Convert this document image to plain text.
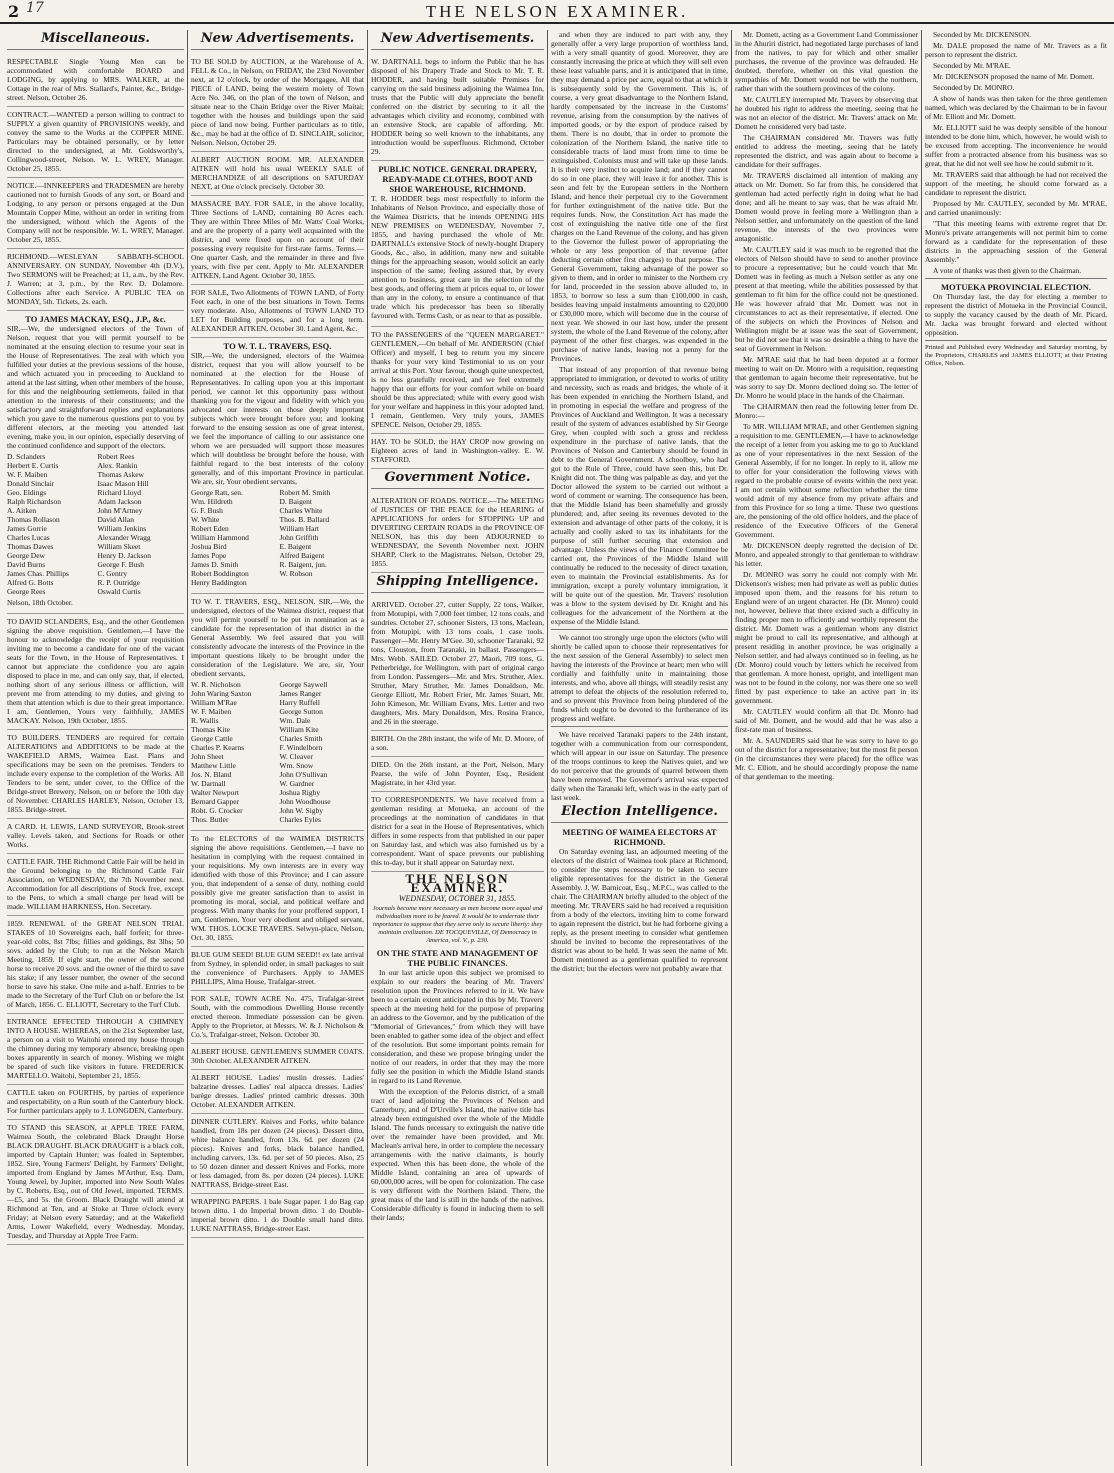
2 17	THE NELSON EXAMINER.
Miscellaneous.
RESPECTABLE Single Young Men can be accommodated with comfortable BOARD and LODGING, by applying to MRS. WALKER, at the Cottage in the rear of Mrs. Stallard's, Painter, &c., Bridge-street. Nelson, October 26.
CONTRACT.—WANTED a person willing to contract to SUPPLY a given quantity of PROVISIONS weekly, and convey the same to the Works at the COPPER MINE. Particulars may be obtained personally, or by letter directed to the undersigned, at Mr. Goldsworthy's, Collingwood-street, Nelson. W. L. WREY, Manager. October 25, 1855.
NOTICE.—INNKEEPERS and TRADESMEN are hereby cautioned not to furnish Goods of any sort, or Board and Lodging, to any person or persons engaged at the Dun Mountain Copper Mine, without an order in writing from the undersigned, without which the Agents of the Company will not be responsible. W. L. WREY, Manager. October 25, 1855.
RICHMOND.—WESLEYAN SABBATH-SCHOOL ANNIVERSARY. ON SUNDAY, November 4th (D.V.), Two SERMONS will be Preached; at 11, a.m., by the Rev. J. Warren; at 3, p.m., by the Rev. D. Dolamore. Collections after each Service. A PUBLIC TEA on MONDAY, 5th. Tickets, 2s. each.
TO JAMES MACKAY, ESQ., J.P., &c.

SIR,—We, the undersigned electors of the Town of Nelson, request that you will permit yourself to be nominated at the ensuing election to resume your seat in the House of Representatives. The zeal with which you fulfilled your duties at the previous sessions of the house, and which actuated you in proceeding to Auckland to attend at the last sitting, when other members of the house, for this and the neighbouring settlements, failed in that attention to the interests of their constituents; and the satisfactory and straightforward replies and explanations which you gave to the numerous questions put to you by different electors, at the meeting you attended last evening, make you, in our opinion, especially deserving of the continued confidence and support of the electors.

D. Sclanders	Robert Rees
Herbert E. Curtis	Alex. Rankin
W. F. Maiben	Thomas Askew
Donald Sinclair	Isaac Mason Hill
Geo. Eldings	Richard Lloyd
Ralph Richardson	Adam Jackson
A. Aitken	John M'Artney
Thomas Rollason	David Allan
James Gorrie	William Jenkins
Charles Lucas	Alexander Wragg
Thomas Dawes	William Skeet
George Dew	Henry D. Jackson
David Burns	George F. Bush
James Chas. Phillips	C. Gentry
Alfred G. Botts	R. P. Outridge
George Rees	Oswald Curtis

Nelson, 18th October.

TO DAVID SCLANDERS, Esq., and the other Gentlemen signing the above requisition. Gentlemen,—I have the honour to acknowledge the receipt of your requisition inviting me to become a candidate for one of the vacant seats for the Town, in the House of Representatives. I cannot but appreciate the confidence you are again disposed to place in me, and can only say, that, if elected, nothing short of any serious illness or affliction, will prevent me from attending to my duties, and giving to them that attention which is due to their great importance. I am, Gentlemen, Yours very faithfully, JAMES MACKAY. Nelson, 19th October, 1855.
TO BUILDERS. TENDERS are required for certain ALTERATIONS and ADDITIONS to be made at the WAKEFIELD ARMS, Waimea East. Plans and specifications may be seen on the premises. Tenders to include every expense to the completion of the Works. All Tenders to be sent, under cover, to the Office of the Bridge-street Brewery, Nelson, on or before the 10th day of November. CHARLES HARLEY, Nelson, October 13, 1855. Bridge-street.
A CARD. H. LEWIS, LAND SURVEYOR, Brook-street valley. Levels taken, and Sections for Roads or other Works.
CATTLE FAIR. THE Richmond Cattle Fair will be held in the Ground belonging to the Richmond Cattle Fair Association, on WEDNESDAY, the 7th November next. Accommodation for all descriptions of Stock free, except to the Pens, to which a small charge per head will be made. WILLIAM HARKNESS, Hon. Secretary.
1859. RENEWAL of the GREAT NELSON TRIAL STAKES of 10 Sovereigns each, half forfeit; for three-year-old colts, 8st 7lbs; fillies and geldings, 8st 3lbs; 50 sovs. added by the Club; to run at the Nelson March Meeting, 1859. If eight start, the owner of the second horse to receive 20 sovs. and the owner of the third to save his stake; if any lesser number, the owner of the second horse to save his stake. One mile and a-half. Entries to be made to the Secretary of the Turf Club on or before the 1st of March, 1856. C. ELLIOTT, Secretary to the Turf Club.
ENTRANCE EFFECTED THROUGH A CHIMNEY INTO A HOUSE. WHEREAS, on the 21st September last, a person on a visit to Waitohi entered my house through the chimney during my temporary absence, breaking open boxes apparently in search of money. Wishing we might be spared of such like visitors in future. FREDERICK MARTELLO. Waitohi, September 21, 1855.
CATTLE taken on FOURTHS, by parties of experience and respectability, on a Run south of the Canterbury block. For further particulars apply to J. LONGDEN, Canterbury.
TO STAND this SEASON, at APPLE TREE FARM, Waimea South, the celebrated Black Draught Horse BLACK DRAUGHT. BLACK DRAUGHT is a black colt, imported by Captain Hunter; was foaled in September, 1852. Sire, Young Farmers' Delight, by Farmers' Delight, imported from England by James M'Arthur, Esq. Dam, Young Jewel, by Jupiter, imported into New South Wales by C. Roberts, Esq., out of Old Jewel, imported. TERMS.—£5, and 5s. the Groom. Black Draught will attend at Richmond at Ten, and at Stoke at Three o'clock every Friday; at Nelson every Saturday; and at the Wakefield Arms, Lower Wakefield, every Wednesday. Monday, Tuesday, and Thursday at Apple Tree Farm.
New Advertisements.
TO BE SOLD by AUCTION, at the Warehouse of A. FELL & Co., in Nelson, on FRIDAY, the 23rd November next, at 12 o'clock, by order of the Mortgagee, All that PIECE of LAND, being the western moiety of Town Acre No. 346, on the plan of the town of Nelson, and situate near to the Chain Bridge over the River Maitai; together with the houses and buildings upon the said piece of land now being. Further particulars as to title, &c., may be had at the office of D. SINCLAIR, solicitor, Nelson. Nelson, October 29.
ALBERT AUCTION ROOM. MR. ALEXANDER AITKEN will hold his usual WEEKLY SALE of MERCHANDIZE of all descriptions on SATURDAY NEXT, at One o'clock precisely. October 30.
MASSACRE BAY. FOR SALE, in the above locality, Three Sections of LAND, containing 80 Acres each. They are within Three Miles of Mr. Watts' Coal Works, and are the property of a party well acquainted with the district, and were fixed upon on account of their possessing every requisite for first-rate farms. Terms.—One quarter Cash, and the remainder in three and five years, with five per cent. Apply to Mr. ALEXANDER AITKEN, Land Agent. October 30, 1855.
FOR SALE, Two Allotments of TOWN LAND, of Forty Feet each, in one of the best situations in Town. Terms very moderate. Also, Allotments of TOWN LAND TO LET for Building purposes, and for a long term. ALEXANDER AITKEN, October 30. Land Agent, &c.
TO W. T. L. TRAVERS, ESQ.

SIR,—We, the undersigned, electors of the Waimea district, request that you will allow yourself to be nominated at the election for the House of Representatives. In calling upon you at this important period, we cannot let this opportunity pass without thanking you for the vigour and fidelity with which you advocated our interests on those deeply important subjects which were brought before you; and looking forward to the ensuing session as one of great interest, we feel the importance of calling to our assistance one whom we are persuaded will support those measures which will doubtless be brought before the house, with faithful regard to the best interests of the colony generally, and of this important Province in particular. We are, sir, Your obedient servants,

George Ratt, sen.	Robert M. Smith
Wm. Hildreth	D. Baigent
G. F. Bush	Charles White
W. White	Thos. B. Ballard
Robert Eden	William Hart
William Hammond	John Griffith
Joshua Bird	E. Baigent
James Pope	Alfred Baigent
James D. Smith	R. Baigent, jun.
Robert Boddington	W. Robson
Henry Baddington

TO W. T. TRAVERS, ESQ., NELSON. SIR,—We, the undersigned, electors of the Waimea district, request that you will permit yourself to be put in nomination as a candidate for the representation of that district in the General Assembly. We feel assured that you will consistently advocate the interests of the Province in the important questions likely to be brought under the consideration of the Legislature. We are, sir, Your obedient servants,

W. R. Nicholson	George Saywell
John Waring Saxton	James Ranger
William M'Rae	Harry Ruffell
W. F. Maiben	George Sutton
R. Wallis	Wm. Dale
Thomas Kite	William Kite
George Cattle	Charles Smith
Charles P. Kearns	F. Windelborn
John Sheet	W. Cleaver
Matthew Little	Wm. Snow
Jos. N. Bland	John O'Sullivan
W. Dartnall	W. Gardner
Walter Newport	Joshua Rigby
Bernard Gapper	John Woodhouse
Robt. G. Crocker	John W. Sigby
Thos. Butler	Charles Eyles
To the ELECTORS of the WAIMEA DISTRICTS signing the above requisitions. Gentlemen,—I have no hesitation in complying with the request contained in your requisitions. My own interests are in every way identified with those of this Province; and I can assure you, that independent of a sense of duty, nothing could possibly give me greater satisfaction than to assist in promoting its moral, social, and political welfare and progress. With many thanks for your proffered support, I am, Gentlemen, Your very obedient and obliged servant, WM. THOS. LOCKE TRAVERS. Selwyn-place, Nelson, Oct. 30, 1855.
BLUE GUM SEED! BLUE GUM SEED!! ex late arrival from Sydney, in splendid order, in small packages to suit the convenience of Purchasers. Apply to JAMES PHILLIPS, Alma House, Trafalgar-street.
FOR SALE, TOWN ACRE No. 475, Trafalgar-street South, with the commodious Dwelling House recently erected thereon. Immediate possession can be given. Apply to the Proprietor, at Messrs. W. & J. Nicholson & Co.'s, Trafalgar-street, Nelson. October 30.
ALBERT HOUSE. GENTLEMEN'S SUMMER COATS. 30th October. ALEXANDER AITKEN.
ALBERT HOUSE. Ladies' muslin dresses. Ladies' balzarine dresses. Ladies' real alpacca dresses. Ladies' barège dresses. Ladies' printed cambric dresses. 30th October. ALEXANDER AITKEN.
DINNER CUTLERY. Knives and Forks, white balance handled, from 18s per dozen (24 pieces). Dessert ditto, white balance handled, from 13s. 6d. per dozen (24 pieces). Knives and forks, black balance handled, including carvers, 13s. 6d. per set of 50 pieces. Also, 25 to 50 dozen dinner and dessert Knives and Forks, more or less damaged, from 8s. per dozen (24 pieces). LUKE NATTRASS, Bridge-street East.
WRAPPING PAPERS. 1 bale Sugar paper. 1 do Bag cap brown ditto. 1 do Imperial brown ditto. 1 do Double-imperial brown ditto. 1 do Double small hand ditto. LUKE NATTRASS, Bridge-street East.
New Advertisements.
W. DARTNALL begs to inform the Public that he has disposed of his Drapery Trade and Stock to Mr. T. R. HODDER, and having built suitable Premises for carrying on the said business adjoining the Waimea Inn, trusts that the Public will duly appreciate the benefit conferred on the district by securing to it all the advantages which civility and economy, combined with an extensive Stock, are capable of affording. Mr. HODDER being so well known to the inhabitants, any introduction would be superfluous. Richmond, October 29.
PUBLIC NOTICE. GENERAL DRAPERY, READY-MADE CLOTHES, BOOT AND SHOE WAREHOUSE, RICHMOND.

T. R. HODDER begs most respectfully to inform the Inhabitants of Nelson Province, and especially those of the Waimea Districts, that he intends OPENING HIS NEW PREMISES on WEDNESDAY, November 7, 1855, and having purchased the whole of Mr. DARTNALL's extensive Stock of newly-bought Drapery Goods, &c., also, in addition, many new and suitable things for the approaching season, would solicit an early inspection of the same; feeling assured that, by every attention to business, great care in the selection of the best goods, and offering them at prices equal to, or lower than any in the colony, to ensure a continuance of that trade which his predecessor has been so liberally favoured with. Terms Cash, or as near to that as possible.

TO the PASSENGERS of the "QUEEN MARGARET." GENTLEMEN,—On behalf of Mr. ANDERSON (Chief Officer) and myself, I beg to return you my sincere thanks for your very kind Testimonial to us on your arrival at this Port. Your favour, though quite unexpected, is no less gratefully received, and we feel extremely happy that our efforts for your comfort while on board should be thus appreciated; while with every good wish for your welfare and happiness in this your adopted land, I remain, Gentlemen, Very truly yours, JAMES SPENCE. Nelson, October 29, 1855.
HAY. TO be SOLD, the HAY CROP now growing on Eighteen acres of land in Washington-valley. E. W. STAFFORD.
Government Notice.
ALTERATION OF ROADS. NOTICE.—The MEETING of JUSTICES OF THE PEACE for the HEARING of APPLICATIONS for orders for STOPPING UP and DIVERTING CERTAIN ROADS in the PROVINCE OF NELSON, has this day been ADJOURNED to WEDNESDAY, the Seventh November next. JOHN SHARP, Clerk to the Magistrates. Nelson, October 29, 1855.
Shipping Intelligence.
ARRIVED. October 27, cutter Supply, 22 tons, Walker, from Motupipi, with 7,000 feet timber, 12 tons coals, and sundries. October 27, schooner Sisters, 13 tons, Maclean, from Motupipi, with 13 tons coals, 1 case tools. Passenger—Mr. Henry M'Gee. 30, schooner Taranaki, 92 tons, Clouston, from Taranaki, in ballast. Passengers—Mrs. Webb. SAILED. October 27, Maori, 709 tons, G. Petherbridge, for Wellington, with part of original cargo from London. Passengers—Mr. and Mrs. Struther, Alex. Struther, Mary Struther, Mr. James Donaldson, Mr. George Elliott, Mr. Robert Frier, Mr. James Stuart, Mr. John Kimeson, Mr. William Evans, Mrs. Letter and two daughters, Mrs. Mary Donaldson, Mrs. Rosina France, and 26 in the steerage.
BIRTH. On the 28th instant, the wife of Mr. D. Moore, of a son.
DIED. On the 26th instant, at the Port, Nelson, Mary Pearse, the wife of John Poynter, Esq., Resident Magistrate, in her 43rd year.
TO CORRESPONDENTS. We have received from a gentleman residing at Motueka, an account of the proceedings at the nomination of candidates in that district for a seat in the House of Representatives, which differs in some respects from that published in our paper on Saturday last, and which was also furnished us by a correspondent. Want of space prevents our publishing this to-day, but it shall appear on Saturday next.
THE NELSON EXAMINER.
WEDNESDAY, OCTOBER 31, 1855.
Journals become more necessary as men become more equal and individualism more to be feared. It would be to underrate their importance to suppose that they serve only to secure liberty: they maintain civilization. DE TOCQUEVILLE, Of Democracy in America, vol. V., p. 230.
ON THE STATE AND MANAGEMENT OF THE PUBLIC FINANCES.

In our last article upon this subject we promised to explain to our readers the bearing of Mr. Travers' resolution upon the Provinces referred to in it. We have been to a certain extent anticipated in this by Mr. Travers' speech at the meeting held for the purpose of preparing an address to the Governor, and by the publication of the "Memorial of Grievances," from which they will have been enabled to gather some idea of the object and effect of the resolution. But some important points remain for consideration, and these we propose bringing under the notice of our readers, in order that they may the more fully see the position in which the Middle Island stands in regard to its Land Revenue.

With the exception of the Pelorus district, of a small tract of land adjoining the Provinces of Nelson and Canterbury, and of D'Urville's Island, the native title has already been extinguished over the whole of the Middle Island. The funds necessary to extinguish the native title over the remainder have been provided, and Mr. Maclean's arrival here, in order to complete the necessary arrangements with the native claimants, is hourly expected. When this has been done, the whole of the Middle Island, containing an area of upwards of 60,000,000 acres, will be open for colonization. The case is very different with the Northern Island. There, the great mass of the land is still in the hands of the natives. Considerable difficulty is found in inducing them to sell their lands;

and when they are induced to part with any, they generally offer a very large proportion of worthless land, with a very small quantity of good. Moreover, they are constantly increasing the price at which they will sell even these least valuable parts, and it is anticipated that in time, they may demand a price per acre, equal to that at which it is subsequently sold by the Government. This is, of course, a very great disadvantage to the Northern Island, hardly compensated by the increase in the Customs' revenue, arising from the consumption by the natives of imported goods, or by the export of produce raised by them. There is no doubt, that in order to promote the colonization of the Northern Island, the native title to considerable tracts of land must from time to time be extinguished. Colonists must and will take up these lands. It is their very instinct to acquire land; and if they cannot do so in one place, they will leave it for another. This is seen and felt by the European settlers in the Northern Island, and hence their perpetual cry to the Government for further extinguishment of the native title. But the requires funds. Now, the Constitution Act has made the cost of extinguishing the native title one of the first charges on the Land Revenue of the colony, and has given to the Governor the fullest power of appropriating the whole or any less proportion of that revenue (after deducting certain other first charges) to that purpose. The General Government, taking advantage of the power so given to them, and in order to minister to the Northern cry for land, proceeded in the session above alluded to, in 1853, to borrow so less a sum than £100,000 in cash, besides leaving unpaid instalments amounting to £20,000 or £30,000 more, which will become due in the course of next year. We showed in our last how, under the present system, the whole of the Land Revenue of the colony, after payment of the other first charges, was expended in the purchase of native lands, leaving not a penny for the Provinces.

That instead of any proportion of that revenue being appropriated to immigration, or devoted to works of utility and necessity, such as roads and bridges, the whole of it has been expended in enriching the Northern Island, and in promoting in especial the welfare and progress of the Provinces of Auckland and Wellington. It was a necessary result of the system of advances established by Sir George Grey, when coupled with such a gross and reckless expenditure in the purchase of native lands, that the Provinces of Nelson and Canterbury should be found in debt to the General Government. A schoolboy, who had got to the Rule of Three, could have seen this, but Dr. Knight did not. The thing was palpable as day, and yet the Doctor allowed the system to be carried out without a word of comment or warning. The consequence has been, that the Middle Island has been shamefully and grossly plundered; and, after seeing its revenues devoted to the extension and advantage of other parts of the colony, it is actually and coolly asked to tax its inhabitants for the purpose of still further securing that extension and advantage. Unless the views of the Finance Committee be carried out, the Provinces of the Middle Island will continually be reduced to the necessity of direct taxation, even to maintain the Provincial establishments. As for immigration, except a purely voluntary immigration, it will be quite out of the question. Mr. Travers' resolution was a blow to the system devised by Dr. Knight and his colleagues for the advancement of the Northern at the expense of the Middle Island.

We cannot too strongly urge upon the electors (who will shortly be called upon to choose their representatives for the next session of the General Assembly) to select men having the interests of the Province at heart; men who will cordially and faithfully unite in maintaining those interests, and who, above all things, will steadily resist any attempt to defeat the objects of the resolution referred to, and so prevent this Province from being plundered of the funds which ought to be devoted to the furtherance of its progress and welfare.

We have received Taranaki papers to the 24th instant, together with a communication from our correspondent, which will appear in our issue on Saturday. The presence of the troops continues to keep the Natives quiet, and we do not perceive that the grounds of quarrel between them have been removed. The Governor's arrival was expected daily when the Taranaki left, which was in the early part of last week.

Election Intelligence.
MEETING OF WAIMEA ELECTORS AT RICHMOND.

On Saturday evening last, an adjourned meeting of the electors of the district of Waimea took place at Richmond, to consider the steps necessary to be taken to secure eligible representatives for the district in the General Assembly. J. W. Barnicoat, Esq., M.P.C., was called to the chair. The CHAIRMAN briefly alluded to the object of the meeting. Mr. TRAVERS said he had received a requisition from a body of the electors, inviting him to come forward to again represent the district, but he had forborne giving a reply, as the present meeting to consider what gentlemen should be invited to become the representatives of the district was about to be held. It was seen the name of Mr. Domett mentioned as a gentleman qualified to represent the district; but the electors were not probably aware that

Mr. Domett, acting as a Government Land Commissioner in the Ahuriri district, had negotiated large purchases of land from the natives, to pay for which and other smaller purchases, the revenue of the province was defrauded. He doubted, therefore, whether on this vital question the sympathies of Mr. Domett would not be with the northern, rather than with the southern provinces of the colony.

Mr. CAUTLEY interrupted Mr. Travers by observing that he doubted his right to address the meeting, seeing that he was not an elector of the district. Mr. Travers' attack on Mr. Domett he considered very bad taste.

The CHAIRMAN considered Mr. Travers was fully entitled to address the meeting, seeing that he lately represented the district, and was again about to become a candidate for their suffrages.

Mr. TRAVERS disclaimed all intention of making any attack on Mr. Domett. So far from this, he considered that gentleman had acted perfectly right in doing what he had done; and all he meant to say was, that he was afraid Mr. Domett would prove in feeling more a Wellington than a Nelson settler, and unfortunately on the question of the land revenue, the interests of the two provinces were antagonistic.

Mr. CAUTLEY said it was much to be regretted that the electors of Nelson should have to send to another province to procure a representative; but he could vouch that Mr. Domett was in feeling as much a Nelson settler as any one present at that meeting, while the abilities possessed by that gentleman to fit him for the office could not be questioned. He was however afraid that Mr. Domett was not in circumstances to act as their representative, if elected. One of the subjects on which the Provinces of Nelson and Wellington might be at issue was the seat of Government, but he did not see that it was so desirable a thing to have the seat of Government in Nelson.

Mr. M'RAE said that he had been deputed at a former meeting to wait on Dr. Monro with a requisition, requesting that gentleman to again become their representative, but he was sorry to say Dr. Monro declined doing so. The letter of Dr. Monro he would place in the hands of the Chairman.

The CHAIRMAN then read the following letter from Dr. Monro:—

To MR. WILLIAM M'RAE, and other Gentlemen signing a requisition to me. GENTLEMEN,—I have to acknowledge the receipt of a letter from you asking me to go to Auckland as one of your representatives in the next Session of the General Assembly, if for no longer. In reply to it, allow me to offer for your consideration the following views with regard to the probable course of events within the next year. I am not certain without some reflection whether the time would admit of my absence from my private affairs and from this Province for so long a time. These two questions are, the pensioning of the old office holders, and the place of residence of the Executive Officers of the General Government.

Mr. DICKENSON deeply regretted the decision of Dr. Monro, and appealed strongly to that gentleman to withdraw his letter.

Dr. MONRO was sorry he could not comply with Mr. Dickenson's wishes; men had private as well as public duties imposed upon them, and the reasons for his return to England were of an urgent character. He (Dr. Monro) could not, however, believe that there existed such a difficulty in finding proper men to efficiently and worthily represent the district. Mr. Domett was a gentleman whom any district might be proud to call its representative, and although at present residing in another province, he was originally a Nelson settler, and had always continued so in feeling, as he (Dr. Monro) could vouch by letters which he received from that gentleman. A more honest, upright, and intelligent man was not to be found in the colony, nor was there one so well fitted by past experience to take an active part in its government.

Mr. CAUTLEY would confirm all that Dr. Monro had said of Mr. Domett, and he would add that he was also a first-rate man of business.

Mr. A. SAUNDERS said that he was sorry to have to go out of the district for a representative; but the most fit person (in the circumstances they were placed) for the office was Mr. C. Elliott, and he should accordingly propose the name of that gentleman to the meeting.

Seconded by Mr. DICKENSON.

Mr. DALE proposed the name of Mr. Travers as a fit person to represent the district.

Seconded by Mr. M'RAE.

Mr. DICKENSON proposed the name of Mr. Domett.

Seconded by Dr. MONRO.

A show of hands was then taken for the three gentlemen named, which was declared by the Chairman to be in favour of Mr. Elliott and Mr. Domett.

Mr. ELLIOTT said he was deeply sensible of the honour intended to be done him, which, however, he would wish to be excused from accepting. The inconvenience he would suffer from a protracted absence from his business was so great, that he did not well see how he could submit to it.

Mr. TRAVERS said that although he had not received the support of the meeting, he should come forward as a candidate to represent the district.

Proposed by Mr. CAUTLEY, seconded by Mr. M'RAE, and carried unanimously:

"That this meeting learns with extreme regret that Dr. Monro's private arrangements will not permit him to come forward as a candidate for the representation of these districts in the approaching session of the General Assembly."

A vote of thanks was then given to the Chairman.

MOTUEKA PROVINCIAL ELECTION.

On Thursday last, the day for electing a member to represent the district of Motueka in the Provincial Council, to supply the vacancy caused by the death of Mr. Picard, Mr. Jacka was brought forward and elected without opposition.

Printed and Published every Wednesday and Saturday morning, by the Proprietors, CHARLES and JAMES ELLIOTT, at their Printing Office, Nelson.
